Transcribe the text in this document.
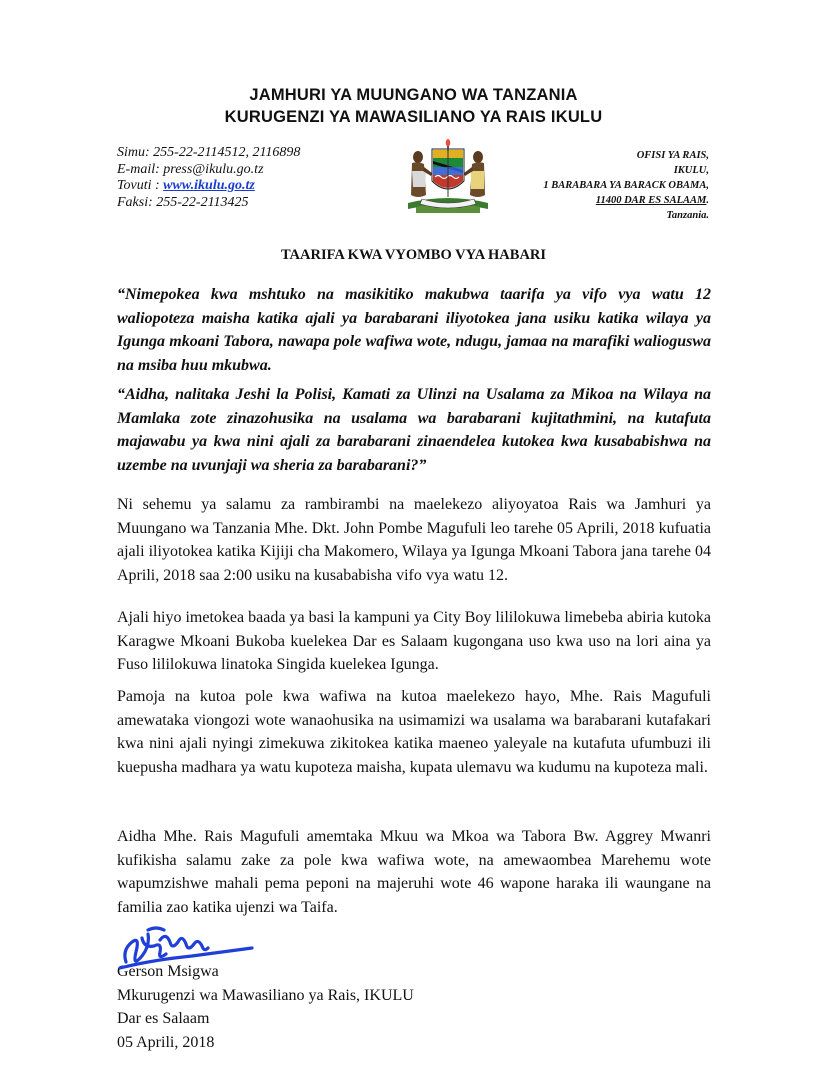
JAMHURI YA MUUNGANO WA TANZANIA
KURUGENZI YA MAWASILIANO YA RAIS IKULU
Simu: 255-22-2114512, 2116898
E-mail: press@ikulu.go.tz
Tovuti : www.ikulu.go.tz
Faksi: 255-22-2113425
OFISI YA RAIS,
IKULU,
1 BARABARA YA BARACK OBAMA,
11400 DAR ES SALAAM.
Tanzania.
TAARIFA KWA VYOMBO VYA HABARI
“Nimepokea kwa mshtuko na masikitiko makubwa taarifa ya vifo vya watu 12 waliopoteza maisha katika ajali ya barabarani iliyotokea jana usiku katika wilaya ya Igunga mkoani Tabora, nawapa pole wafiwa wote, ndugu, jamaa na marafiki walioguswa na msiba huu mkubwa.
“Aidha, nalitaka Jeshi la Polisi, Kamati za Ulinzi na Usalama za Mikoa na Wilaya na Mamlaka zote zinazohusika na usalama wa barabarani kujitathmini, na kutafuta majawabu ya kwa nini ajali za barabarani zinaendelea kutokea kwa kusababishwa na uzembe na uvunjaji wa sheria za barabarani?”
Ni sehemu ya salamu za rambirambi na maelekezo aliyoyatoa Rais wa Jamhuri ya Muungano wa Tanzania Mhe. Dkt. John Pombe Magufuli leo tarehe 05 Aprili, 2018 kufuatia ajali iliyotokea katika Kijiji cha Makomero, Wilaya ya Igunga Mkoani Tabora jana tarehe 04 Aprili, 2018 saa 2:00 usiku na kusababisha vifo vya watu 12.
Ajali hiyo imetokea baada ya basi la kampuni ya City Boy lililokuwa limebeba abiria kutoka Karagwe Mkoani Bukoba kuelekea Dar es Salaam kugongana uso kwa uso na lori aina ya Fuso lililokuwa linatoka Singida kuelekea Igunga.
Pamoja na kutoa pole kwa wafiwa na kutoa maelekezo hayo, Mhe. Rais Magufuli amewataka viongozi wote wanaohusika na usimamizi wa usalama wa barabarani kutafakari kwa nini ajali nyingi zimekuwa zikitokea katika maeneo yaleyale na kutafuta ufumbuzi ili kuepusha madhara ya watu kupoteza maisha, kupata ulemavu wa kudumu na kupoteza mali.
Aidha Mhe. Rais Magufuli amemtaka Mkuu wa Mkoa wa Tabora Bw. Aggrey Mwanri kufikisha salamu zake za pole kwa wafiwa wote, na amewaombea Marehemu wote wapumzishwe mahali pema peponi na majeruhi wote 46 wapone haraka ili waungane na familia zao katika ujenzi wa Taifa.
Gerson Msigwa
Mkurugenzi wa Mawasiliano ya Rais, IKULU
Dar es Salaam
05 Aprili, 2018
